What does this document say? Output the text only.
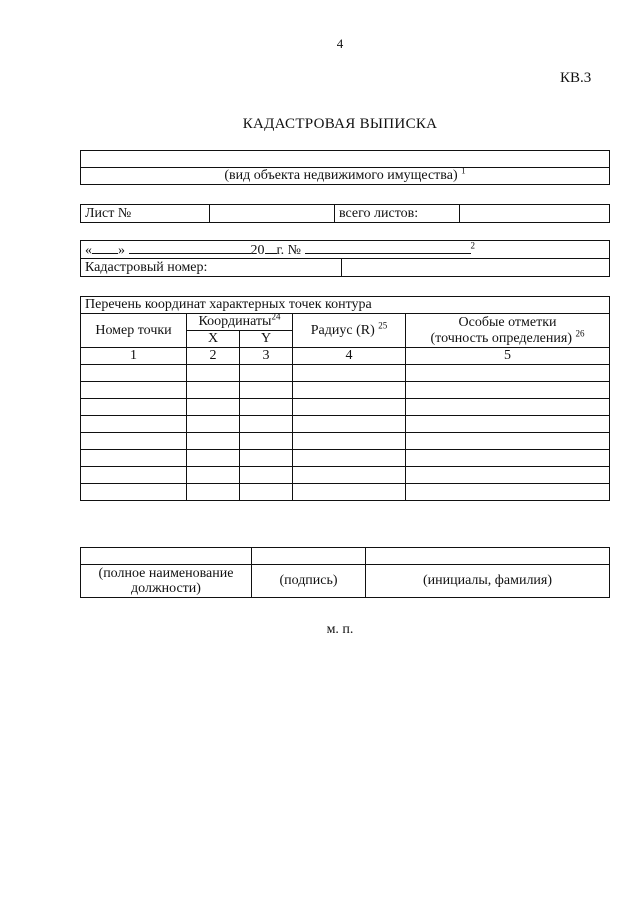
4
КВ.3
КАДАСТРОВАЯ ВЫПИСКА

(вид объекта недвижимого имущества) $^1$
Лист №		всего листов:	
« »	20 г. №	$^2$
Кадастровый номер:	
Перечень координат характерных точек контура				
Номер точки	Координаты$^{24}$		Радиус (R) $^{25}$	Особые отметки
(точность определения) $^{26}$
	X	Y		
1	2	3	4	5

(полное наименование должности)	(подпись)	(инициалы, фамилия)
м. п.
